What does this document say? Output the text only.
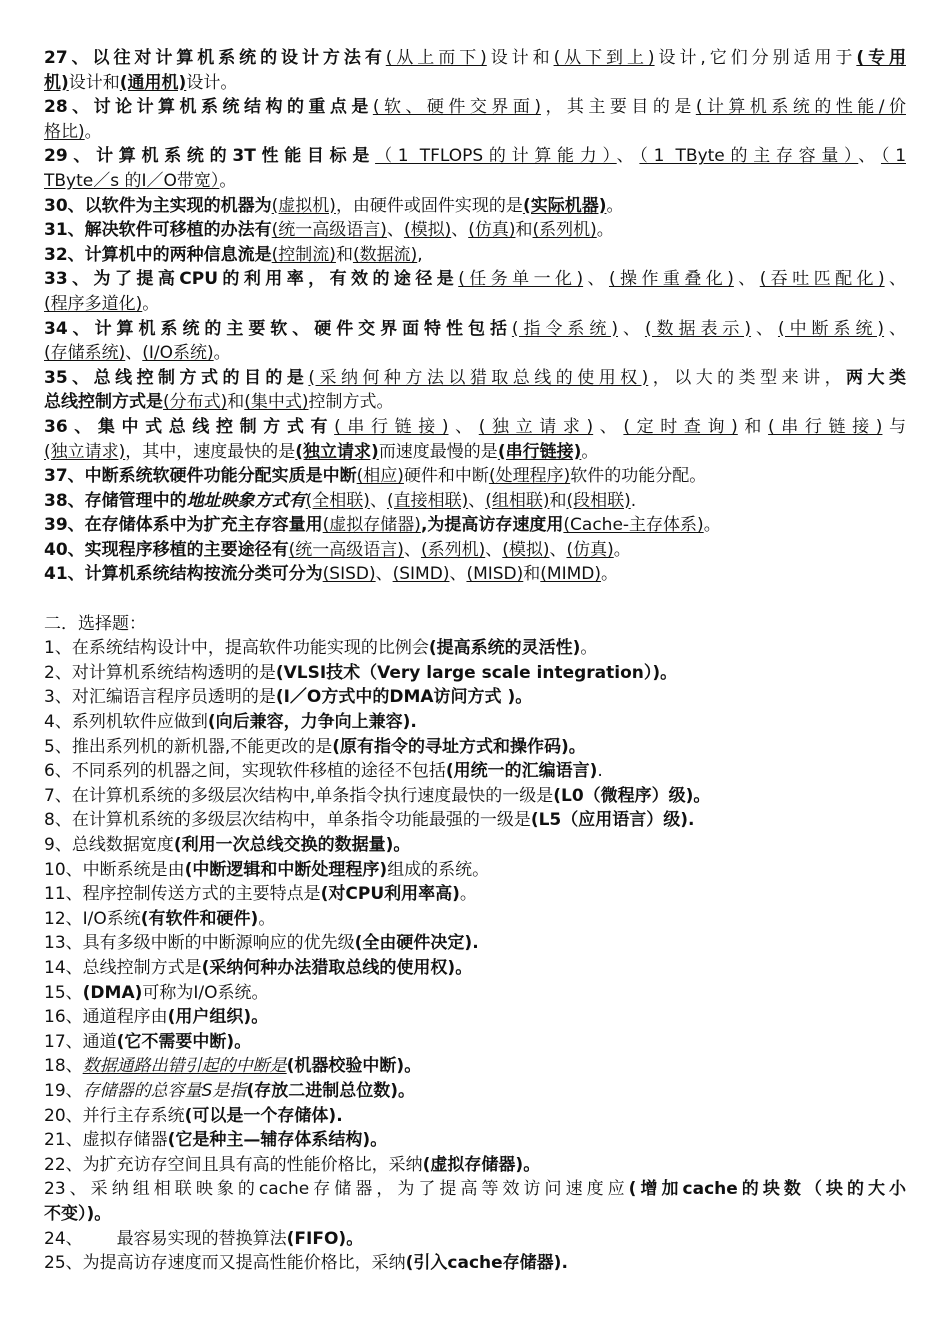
27、以往对计算机系统的设计方法有(从上而下)设计和(从下到上)设计,它们分别适用于(专用

机)设计和(通用机)设计。

28、讨论计算机系统结构的重点是(软、硬件交界面)，其主要目的是(计算机系统的性能/价

格比)。

29、计算机系统的3T性能目标是（1 TFLOPS的计算能力）、（1 TByte的主存容量）、（1

TByte／s 的I／O带宽）。

30、以软件为主实现的机器为(虚拟机)，由硬件或固件实现的是(实际机器)。

31、解决软件可移植的办法有(统一高级语言)、(模拟)、(仿真)和(系列机)。

32、计算机中的两种信息流是(控制流)和(数据流),

33、为了提高CPU的利用率，有效的途径是(任务单一化)、(操作重叠化)、(吞吐匹配化)、

(程序多道化)。

34、计算机系统的主要软、硬件交界面特性包括(指令系统)、(数据表示)、(中断系统)、

(存储系统)、(I/O系统)。

35、总线控制方式的目的是(采纳何种方法以猎取总线的使用权)，以大的类型来讲，两大类

总线控制方式是(分布式)和(集中式)控制方式。

36、集中式总线控制方式有(串行链接)、(独立请求)、(定时查询)和(串行链接)与

(独立请求)，其中，速度最快的是(独立请求)而速度最慢的是(串行链接)。

37、中断系统软硬件功能分配实质是中断(相应)硬件和中断(处理程序)软件的功能分配。

38、存储管理中的地址映象方式有(全相联)、(直接相联)、(组相联)和(段相联).

39、在存储体系中为扩充主存容量用(虚拟存储器),为提高访存速度用(Cache-主存体系)。

40、实现程序移植的主要途径有(统一高级语言)、(系列机)、(模拟)、(仿真)。

41、计算机系统结构按流分类可分为(SISD)、(SIMD)、(MISD)和(MIMD)。

二．选择题：

1、在系统结构设计中，提高软件功能实现的比例会(提高系统的灵活性)。

2、对计算机系统结构透明的是(VLSI技术（Very large scale integration）)。

3、对汇编语言程序员透明的是(I／O方式中的DMA访问方式 )。

4、系列机软件应做到(向后兼容，力争向上兼容).

5、推出系列机的新机器,不能更改的是(原有指令的寻址方式和操作码)。

6、不同系列的机器之间，实现软件移植的途径不包括(用统一的汇编语言).

7、在计算机系统的多级层次结构中,单条指令执行速度最快的一级是(L0（微程序）级)。

8、在计算机系统的多级层次结构中，单条指令功能最强的一级是(L5（应用语言）级).

9、总线数据宽度(利用一次总线交换的数据量)。

10、中断系统是由(中断逻辑和中断处理程序)组成的系统。

11、程序控制传送方式的主要特点是(对CPU利用率高)。

12、I/O系统(有软件和硬件)。

13、具有多级中断的中断源响应的优先级(全由硬件决定).

14、总线控制方式是(采纳何种办法猎取总线的使用权)。

15、(DMA)可称为I/O系统。

16、通道程序由(用户组织)。

17、通道(它不需要中断)。

18、数据通路出错引起的中断是(机器校验中断)。

19、存储器的总容量S是指(存放二进制总位数)。

20、并行主存系统(可以是一个存储体).

21、虚拟存储器(它是种主—辅存体系结构)。

22、为扩充访存空间且具有高的性能价格比，采纳(虚拟存储器)。

23、采纳组相联映象的cache存储器，为了提高等效访问速度应(增加cache的块数（块的大小

不变）)。

24、 最容易实现的替换算法(FIFO)。

25、为提高访存速度而又提高性能价格比，采纳(引入cache存储器).
